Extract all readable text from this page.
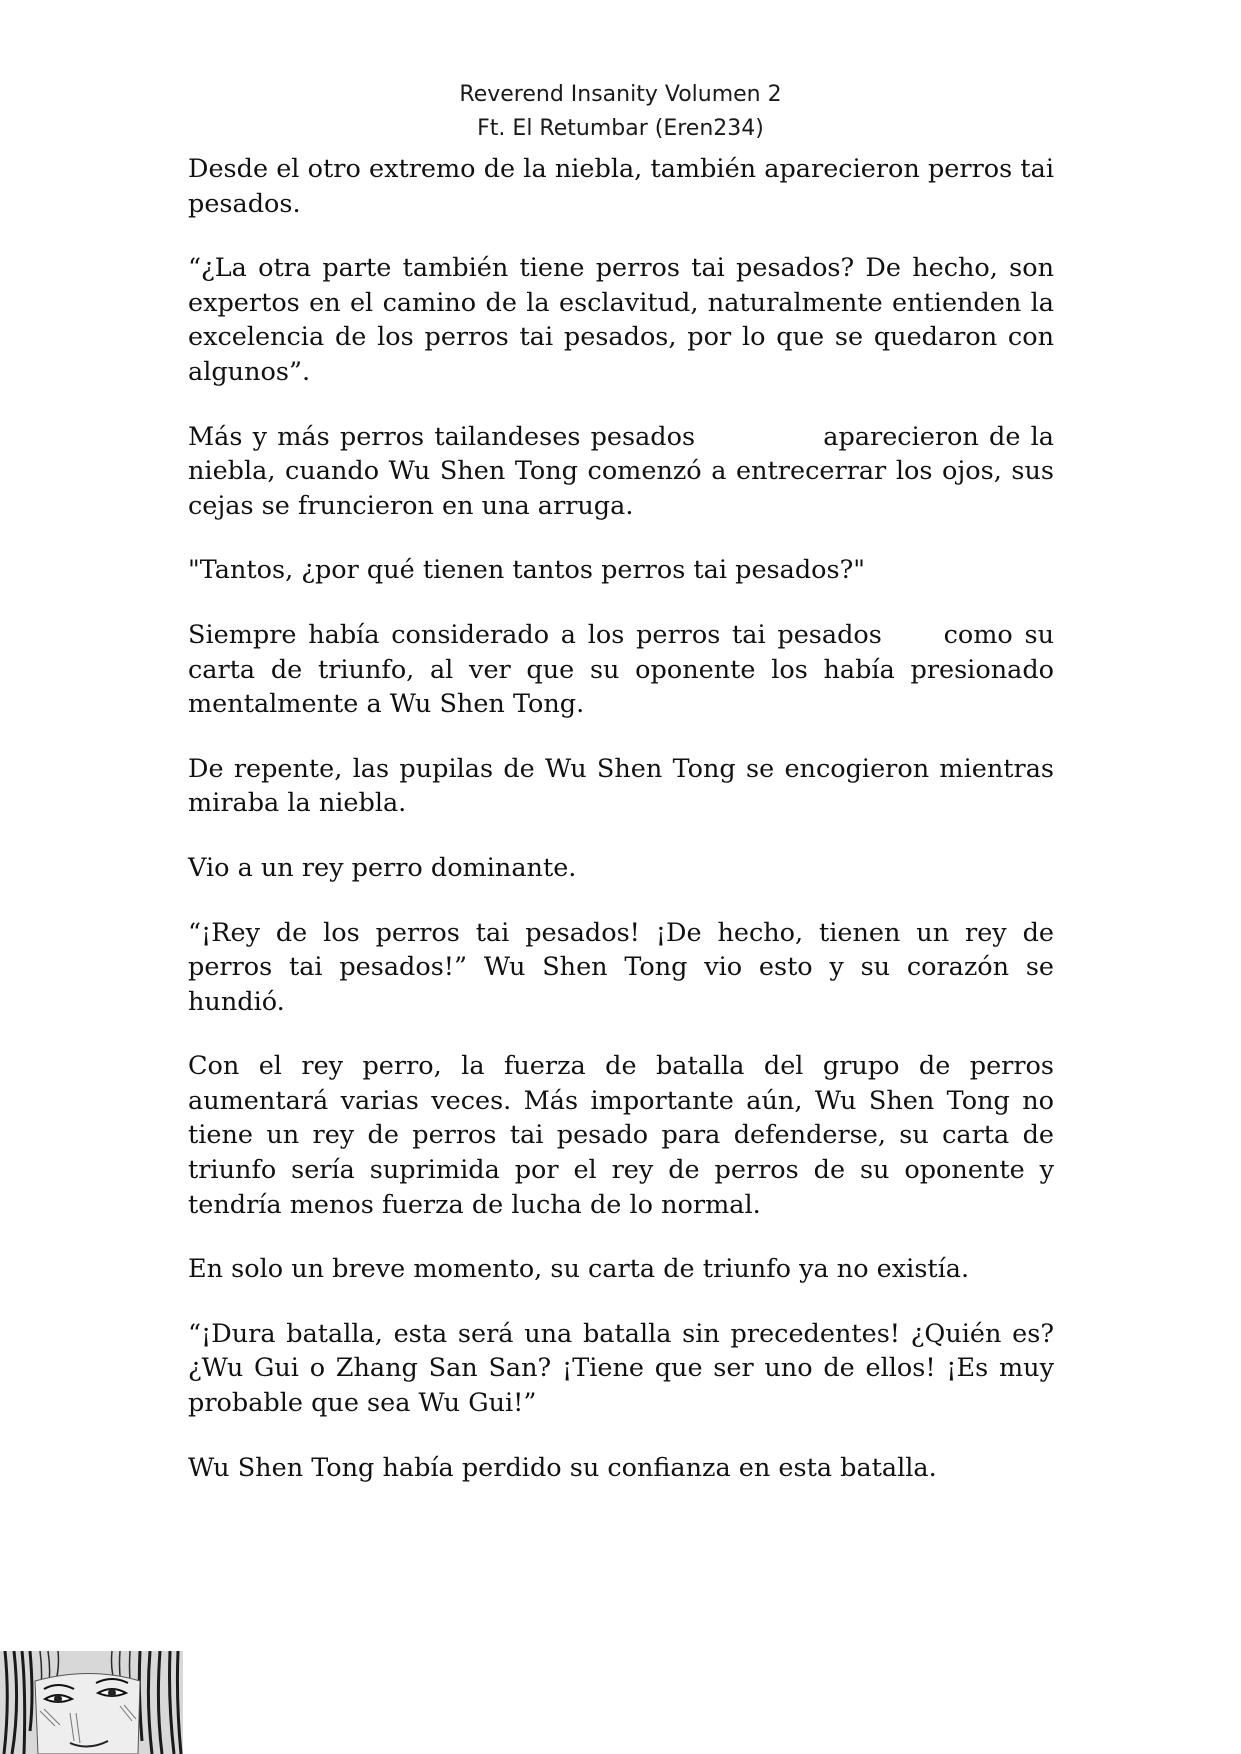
Reverend Insanity Volumen 2
Ft. El Retumbar (Eren234)

Desde el otro extremo de la niebla, también aparecieron perros tai pesados.

“¿La otra parte también tiene perros tai pesados? De hecho, son expertos en el camino de la esclavitud, naturalmente entienden la excelencia de los perros tai pesados, por lo que se quedaron con algunos”.

Más y más perros tailandeses pesados	aparecieron de la niebla, cuando Wu Shen Tong comenzó a entrecerrar los ojos, sus cejas se fruncieron en una arruga.

"Tantos, ¿por qué tienen tantos perros tai pesados?"

Siempre había considerado a los perros tai pesados como su carta de triunfo, al ver que su oponente los había presionado mentalmente a Wu Shen Tong.

De repente, las pupilas de Wu Shen Tong se encogieron mientras miraba la niebla.

Vio a un rey perro dominante.

“¡Rey de los perros tai pesados! ¡De hecho, tienen un rey de perros tai pesados!” Wu Shen Tong vio esto y su corazón se hundió.

Con el rey perro, la fuerza de batalla del grupo de perros aumentará varias veces. Más importante aún, Wu Shen Tong no tiene un rey de perros tai pesado para defenderse, su carta de triunfo sería suprimida por el rey de perros de su oponente y tendría menos fuerza de lucha de lo normal.

En solo un breve momento, su carta de triunfo ya no existía.

“¡Dura batalla, esta será una batalla sin precedentes! ¿Quién es? ¿Wu Gui o Zhang San San? ¡Tiene que ser uno de ellos! ¡Es muy probable que sea Wu Gui!”

Wu Shen Tong había perdido su confianza en esta batalla.
